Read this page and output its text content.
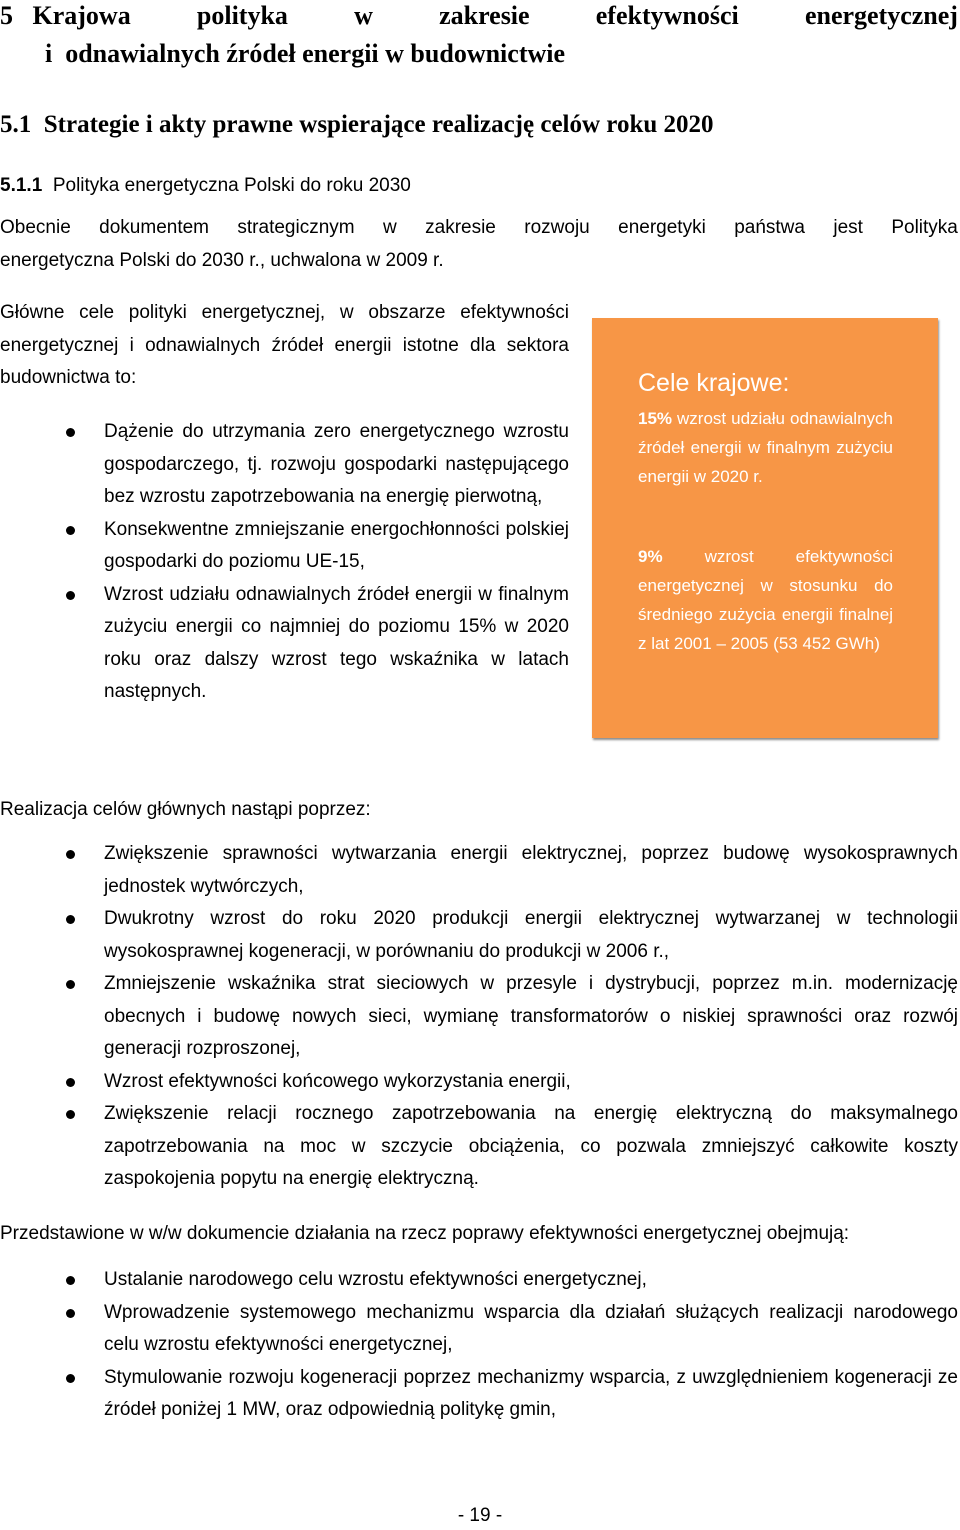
5 Krajowa	polityka	w	zakresie	efektywności	energetycznej
i  odnawialnych źródeł energii w budownictwie
5.1  Strategie i akty prawne wspierające realizację celów roku 2020
5.1.1 Polityka energetyczna Polski do roku 2030
Obecnie dokumentem strategicznym w zakresie rozwoju energetyki państwa jest Polityka
energetyczna Polski do 2030 r., uchwalona w 2009 r.
Główne cele polityki energetycznej, w obszarze efektywności energetycznej i odnawialnych źródeł energii istotne dla sektora budownictwa to:
Dążenie do utrzymania zero energetycznego wzrostu gospodarczego, tj. rozwoju gospodarki następującego bez wzrostu zapotrzebowania na energię pierwotną,
Konsekwentne zmniejszanie energochłonności polskiej gospodarki do poziomu UE-15,
Wzrost udziału odnawialnych źródeł energii w finalnym zużyciu energii co najmniej do poziomu 15% w 2020 roku oraz dalszy wzrost tego wskaźnika w latach następnych.
Cele krajowe:
15% wzrost udziału odnawialnych źródeł energii w finalnym zużyciu energii w 2020 r.
9% wzrost efektywności energetycznej w stosunku do średniego zużycia energii finalnej z lat 2001 – 2005 (53 452 GWh)
Realizacja celów głównych nastąpi poprzez:
Zwiększenie sprawności wytwarzania energii elektrycznej, poprzez budowę wysokosprawnych jednostek wytwórczych,
Dwukrotny wzrost do roku 2020 produkcji energii elektrycznej wytwarzanej w technologii wysokosprawnej kogeneracji, w porównaniu do produkcji w 2006 r.,
Zmniejszenie wskaźnika strat sieciowych w przesyle i dystrybucji, poprzez m.in. modernizację obecnych i budowę nowych sieci, wymianę transformatorów o niskiej sprawności oraz rozwój generacji rozproszonej,
Wzrost efektywności końcowego wykorzystania energii,
Zwiększenie relacji rocznego zapotrzebowania na energię elektryczną do maksymalnego zapotrzebowania na moc w szczycie obciążenia, co pozwala zmniejszyć całkowite koszty zaspokojenia popytu na energię elektryczną.
Przedstawione w w/w dokumencie działania na rzecz poprawy efektywności energetycznej obejmują:
Ustalanie narodowego celu wzrostu efektywności energetycznej,
Wprowadzenie systemowego mechanizmu wsparcia dla działań służących realizacji narodowego celu wzrostu efektywności energetycznej,
Stymulowanie rozwoju kogeneracji poprzez mechanizmy wsparcia, z uwzględnieniem kogeneracji ze źródeł poniżej 1 MW, oraz odpowiednią politykę gmin,
- 19 -
